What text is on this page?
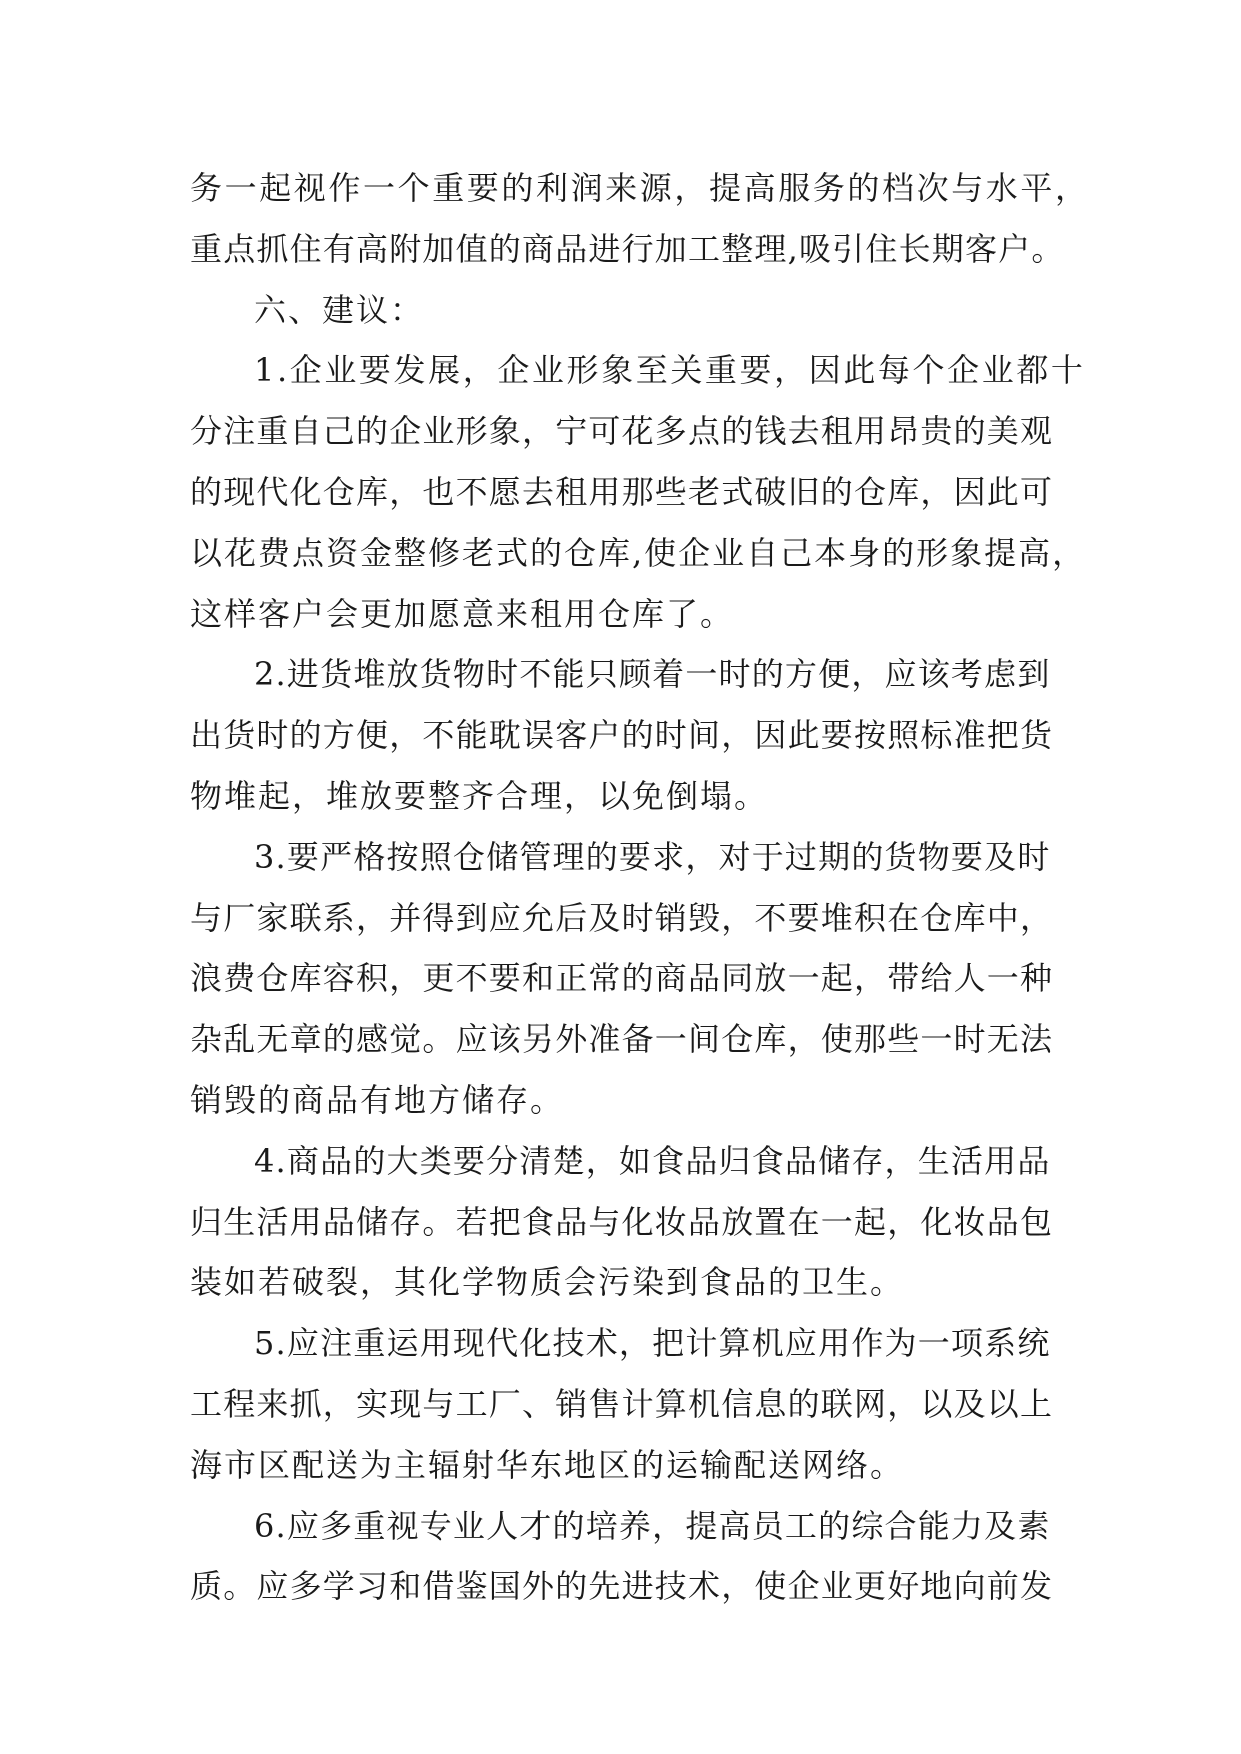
务一起视作一个重要的利润来源，提高服务的档次与水平，
重点抓住有高附加值的商品进行加工整理,吸引住长期客户。
六、建议：
1.企业要发展，企业形象至关重要，因此每个企业都十
分注重自己的企业形象，宁可花多点的钱去租用昂贵的美观
的现代化仓库，也不愿去租用那些老式破旧的仓库，因此可
以花费点资金整修老式的仓库,使企业自己本身的形象提高，
这样客户会更加愿意来租用仓库了。
2.进货堆放货物时不能只顾着一时的方便，应该考虑到
出货时的方便，不能耽误客户的时间，因此要按照标准把货
物堆起，堆放要整齐合理，以免倒塌。
3.要严格按照仓储管理的要求，对于过期的货物要及时
与厂家联系，并得到应允后及时销毁，不要堆积在仓库中，
浪费仓库容积，更不要和正常的商品同放一起，带给人一种
杂乱无章的感觉。应该另外准备一间仓库，使那些一时无法
销毁的商品有地方储存。
4.商品的大类要分清楚，如食品归食品储存，生活用品
归生活用品储存。若把食品与化妆品放置在一起，化妆品包
装如若破裂，其化学物质会污染到食品的卫生。
5.应注重运用现代化技术，把计算机应用作为一项系统
工程来抓，实现与工厂、销售计算机信息的联网，以及以上
海市区配送为主辐射华东地区的运输配送网络。
6.应多重视专业人才的培养，提高员工的综合能力及素
质。应多学习和借鉴国外的先进技术，使企业更好地向前发
